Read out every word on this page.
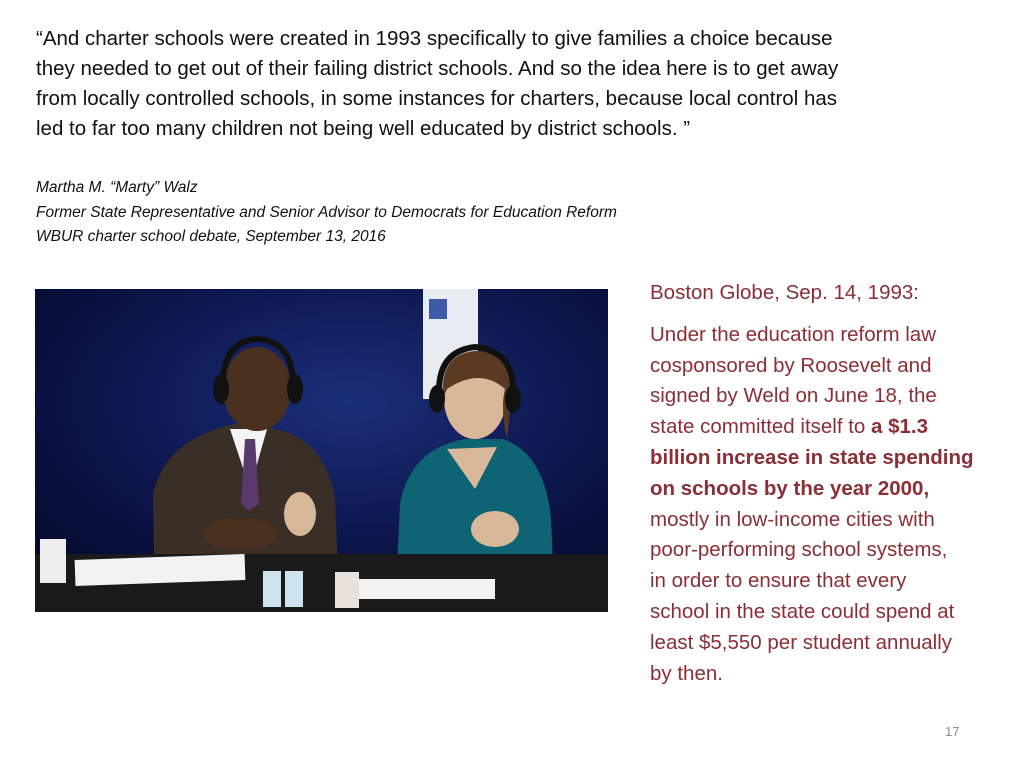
“And charter schools were created in 1993 specifically to give families a choice because
they needed to get out of their failing district schools. And so the idea here is to get away
from locally controlled schools, in some instances for charters, because local control has
led to far too many children not being well educated by district schools. ”
Martha M. “Marty” Walz
Former State Representative and Senior Advisor to Democrats for Education Reform
WBUR charter school debate, September 13, 2016
Boston Globe, Sep. 14, 1993:
Under the education reform law
cosponsored by Roosevelt and
signed by Weld on June 18, the
state committed itself to a $1.3
billion increase in state spending
on schools by the year 2000,
mostly in low-income cities with
poor-performing school systems,
in order to ensure that every
school in the state could spend at
least $5,550 per student annually
by then.
17
